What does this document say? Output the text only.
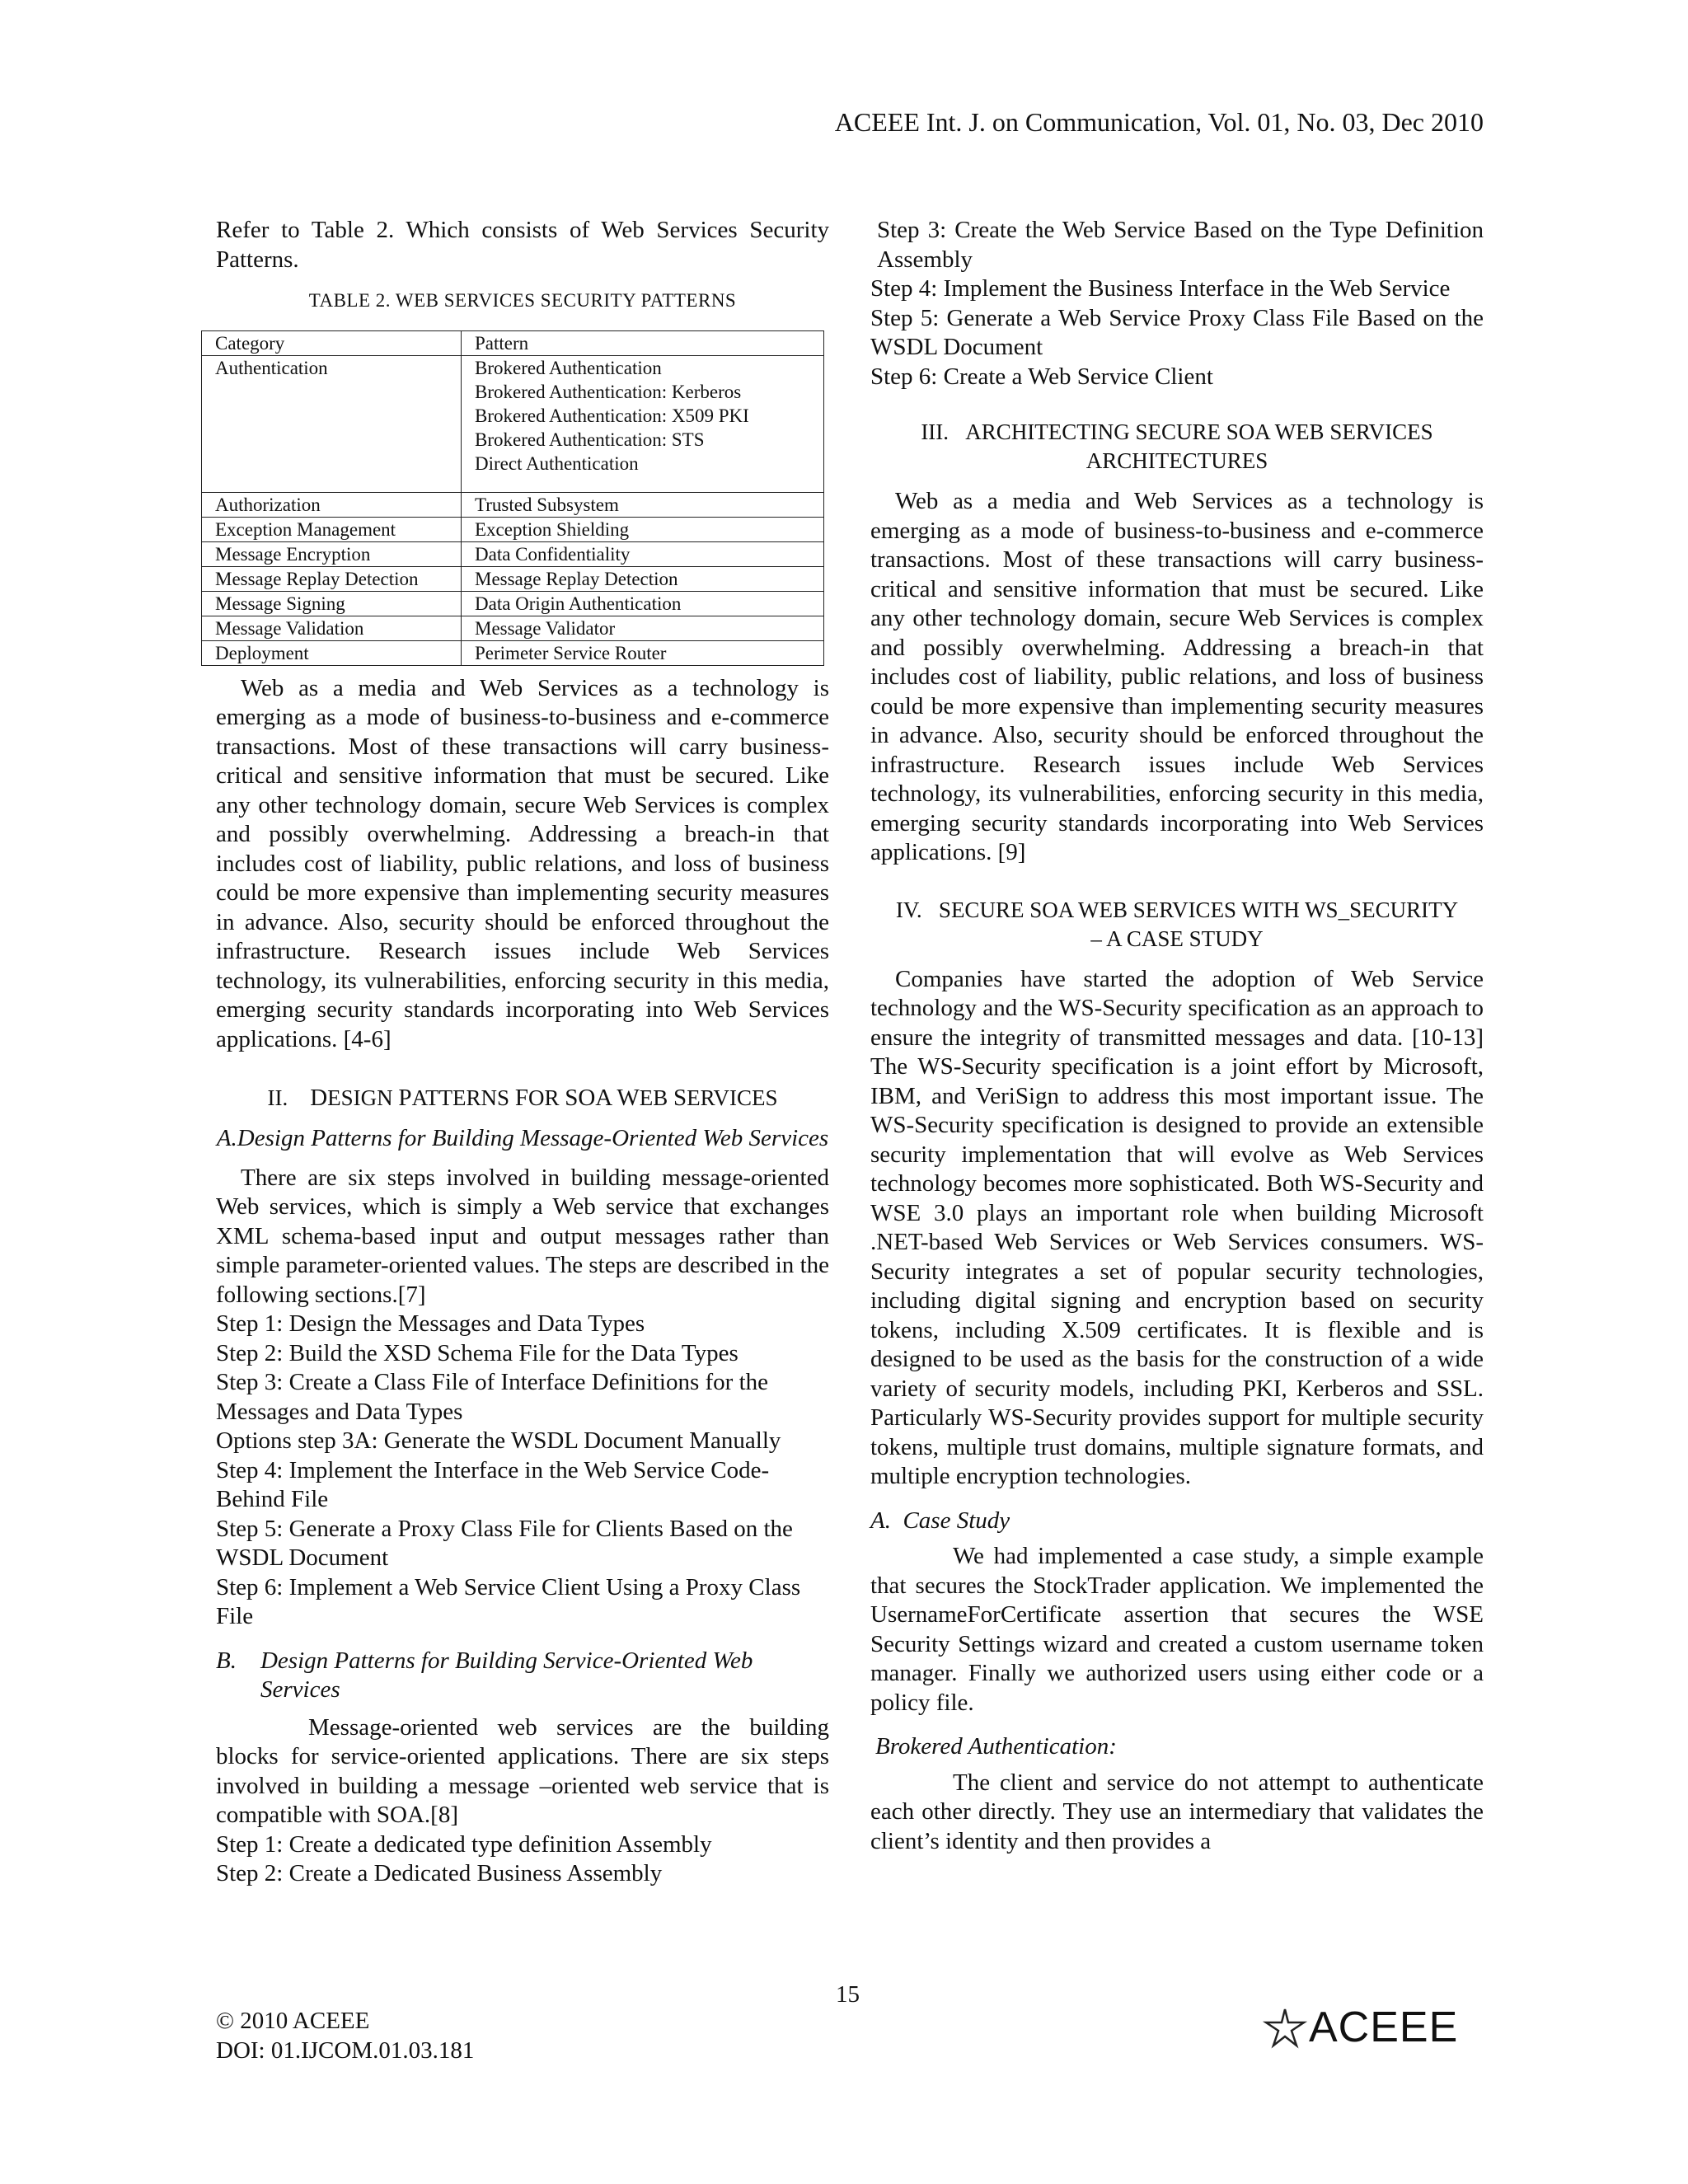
ACEEE Int. J. on Communication, Vol. 01, No. 03, Dec 2010

Refer to Table 2. Which consists of Web Services Security Patterns.

TABLE 2. WEB SERVICES SECURITY PATTERNS
Category	Pattern
Authentication	Brokered Authentication
Brokered Authentication: Kerberos
Brokered Authentication: X509 PKI
Brokered Authentication: STS
Direct Authentication

Authorization	Trusted Subsystem
Exception Management	Exception Shielding
Message Encryption	Data Confidentiality
Message Replay Detection	Message Replay Detection
Message Signing	Data Origin Authentication
Message Validation	Message Validator
Deployment	Perimeter Service Router

Web as a media and Web Services as a technology is emerging as a mode of business-to-business and e-commerce transactions. Most of these transactions will carry business-critical and sensitive information that must be secured. Like any other technology domain, secure Web Services is complex and possibly overwhelming. Addressing a breach-in that includes cost of liability, public relations, and loss of business could be more expensive than implementing security measures in advance. Also, security should be enforced throughout the infrastructure. Research issues include Web Services technology, its vulnerabilities, enforcing security in this media, emerging security standards incorporating into Web Services applications. [4-6]

II. DESIGN PATTERNS FOR SOA WEB SERVICES
A.Design Patterns for Building Message-Oriented Web Services

There are six steps involved in building message-oriented Web services, which is simply a Web service that exchanges XML schema-based input and output messages rather than simple parameter-oriented values. The steps are described in the following sections.[7]

Step 1: Design the Messages and Data Types

Step 2: Build the XSD Schema File for the Data Types

Step 3: Create a Class File of Interface Definitions for the Messages and Data Types

Options step 3A: Generate the WSDL Document Manually

Step 4: Implement the Interface in the Web Service Code-Behind File

Step 5: Generate a Proxy Class File for Clients Based on the WSDL Document

Step 6: Implement a Web Service Client Using a Proxy Class File

B. Design Patterns for Building Service-Oriented Web Services

Message-oriented web services are the building blocks for service-oriented applications. There are six steps involved in building a message –oriented web service that is compatible with SOA.[8]

Step 1: Create a dedicated type definition Assembly

Step 2: Create a Dedicated Business Assembly

Step 3: Create the Web Service Based on the Type Definition Assembly

Step 4: Implement the Business Interface in the Web Service

Step 5: Generate a Web Service Proxy Class File Based on the WSDL Document

Step 6: Create a Web Service Client

III. ARCHITECTING SECURE SOA WEB SERVICES
ARCHITECTURES

Web as a media and Web Services as a technology is emerging as a mode of business-to-business and e-commerce transactions. Most of these transactions will carry business-critical and sensitive information that must be secured. Like any other technology domain, secure Web Services is complex and possibly overwhelming. Addressing a breach-in that includes cost of liability, public relations, and loss of business could be more expensive than implementing security measures in advance. Also, security should be enforced throughout the infrastructure. Research issues include Web Services technology, its vulnerabilities, enforcing security in this media, emerging security standards incorporating into Web Services applications. [9]

IV. SECURE SOA WEB SERVICES WITH WS_SECURITY
– A CASE STUDY

Companies have started the adoption of Web Service technology and the WS-Security specification as an approach to ensure the integrity of transmitted messages and data. [10-13] The WS-Security specification is a joint effort by Microsoft, IBM, and VeriSign to address this most important issue. The WS-Security specification is designed to provide an extensible security implementation that will evolve as Web Services technology becomes more sophisticated. Both WS-Security and WSE 3.0 plays an important role when building Microsoft .NET-based Web Services or Web Services consumers. WS-Security integrates a set of popular security technologies, including digital signing and encryption based on security tokens, including X.509 certificates. It is flexible and is designed to be used as the basis for the construction of a wide variety of security models, including PKI, Kerberos and SSL. Particularly WS-Security provides support for multiple security tokens, multiple trust domains, multiple signature formats, and multiple encryption technologies.

A. Case Study

We had implemented a case study, a simple example that secures the StockTrader application. We implemented the UsernameForCertificate assertion that secures the WSE Security Settings wizard and created a custom username token manager. Finally we authorized users using either code or a policy file.

Brokered Authentication:

The client and service do not attempt to authenticate each other directly. They use an intermediary that validates the client’s identity and then provides a

15
© 2010 ACEEE
DOI: 01.IJCOM.01.03.181	ACEEE
